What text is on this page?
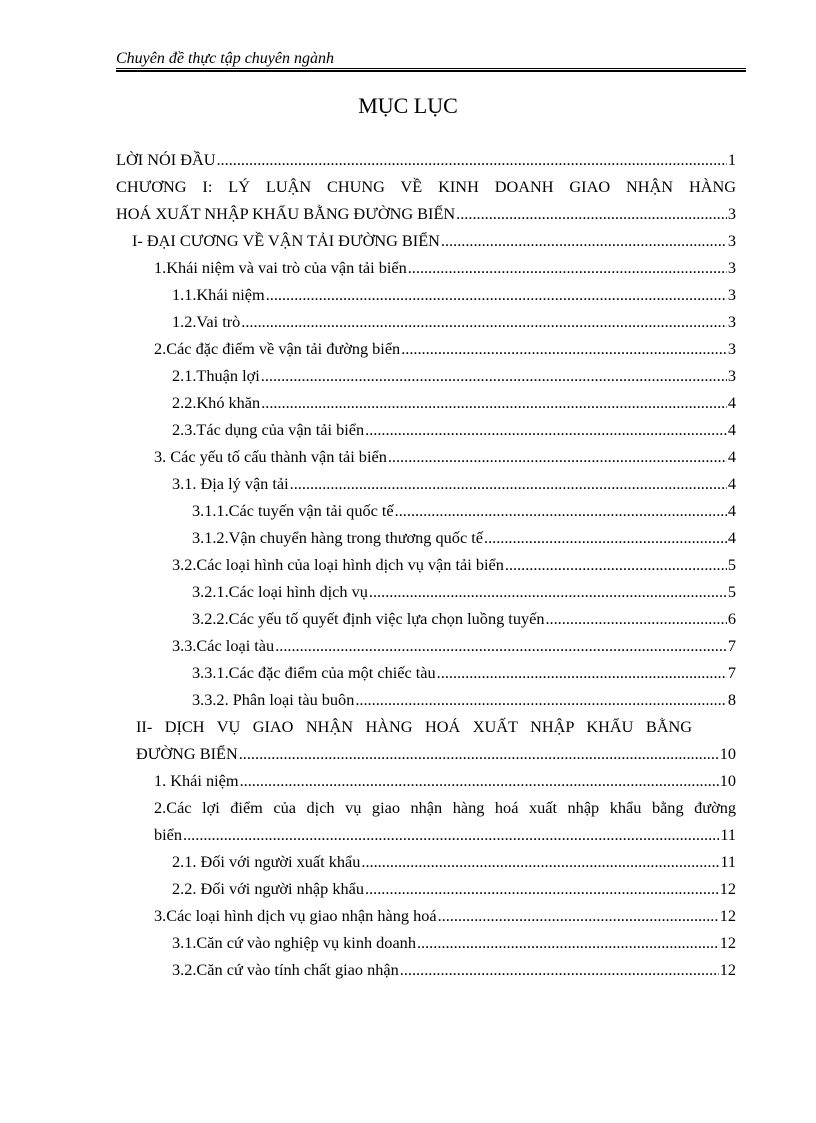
Chuyên đề thực tập chuyên ngành
MỤC LỤC
LỜI NÓI ĐẦU .....	1
CHƯƠNG I: LÝ LUẬN CHUNG VỀ KINH DOANH GIAO NHẬN HÀNG
HOÁ XUẤT NHẬP KHẨU BẰNG ĐƯỜNG BIỂN .....	3
I- ĐẠI CƯƠNG VỀ VẬN TẢI ĐƯỜNG BIỂN .....	3
1.Khái niệm và vai trò của vận tải biển .....	3
1.1.Khái niệm .....	3
1.2.Vai trò .....	3
2.Các đặc điểm về vận tải đường biển .....	3
2.1.Thuận lợi .....	3
2.2.Khó khăn .....	4
2.3.Tác dụng của vận tải biển .....	4
3. Các yếu tố cấu thành vận tải biển .....	4
3.1. Địa lý vận tải .....	4
3.1.1.Các tuyến vận tải quốc tế .....	4
3.1.2.Vận chuyển hàng trong thương quốc tế .....	4
3.2.Các loại hình của loại hình dịch vụ vận tải biển .....	5
3.2.1.Các loại hình dịch vụ .....	5
3.2.2.Các yếu tố quyết định việc lựa chọn luồng tuyến .....	6
3.3.Các loại tàu .....	7
3.3.1.Các đặc điểm của một chiếc tàu .....	7
3.3.2. Phân loại tàu buôn .....	8
II- DỊCH VỤ GIAO NHẬN HÀNG HOÁ XUẤT NHẬP KHẨU BẰNG
ĐƯỜNG BIỂN .....	10
1. Khái niệm .....	10
2.Các lợi điểm của dịch vụ giao nhận hàng hoá xuất nhập khẩu bằng đường
biển .....	11
2.1. Đối với người xuất khẩu .....	11
2.2. Đối với người nhập khẩu .....	12
3.Các loại hình dịch vụ giao nhận hàng hoá .....	12
3.1.Căn cứ vào nghiệp vụ kinh doanh .....	12
3.2.Căn cứ vào tính chất giao nhận .....	12
